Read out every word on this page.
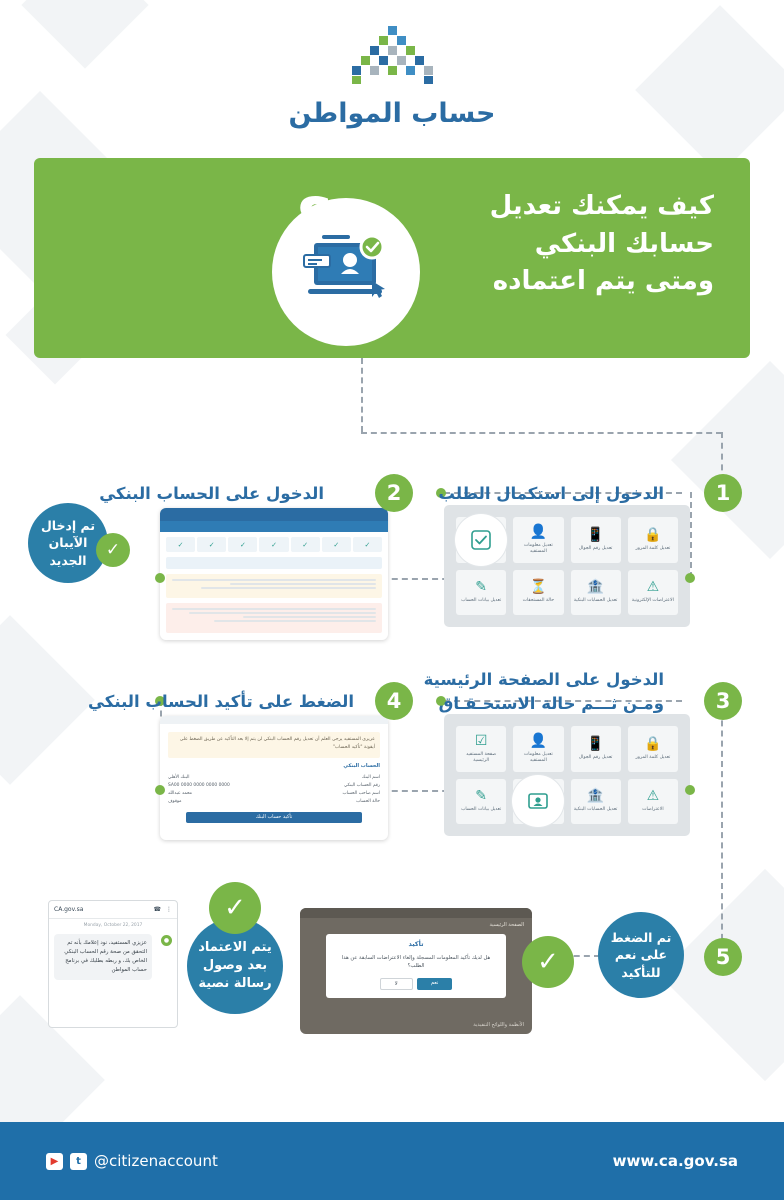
حساب المواطن
كيف يمكنك تعديل
حسابك البنكي
ومتى يتم اعتماده
1
الدخول إلى استكمال الطلب
🔒
تعديل كلمة المرور
📱
تعديل رقم الجوال
👤
تعديل معلومات المستفيد
⚠
الاعتراضات الإلكترونية
🏦
تعديل الحسابات البنكية
⏳
حالة المستحقات
✎
تعديل بيانات الحساب
2
الدخول على الحساب البنكي
✓
✓
✓
✓
✓
✓
✓
تم إدخال
الآيبان
الجديد
✓
3
الدخول على الصفحة الرئيسية
ومـن ثـــم حالة الاستحـقـاق
🔒
تعديل كلمة المرور
📱
تعديل رقم الجوال
👤
تعديل معلومات المستفيد
☑
صفحة المستفيد الرئيسية
⚠
الاعتراضات
🏦
تعديل الحسابات البنكية
✎
تعديل بيانات الحساب
4
الضغط على تأكيد الحساب البنكي
عزيزي المستفيد يرجى العلم أن تعديل رقم الحساب البنكي لن يتم إلا بعد التأكيد عن طريق الضغط على أيقونة "تأكيد الحساب"
الحساب البنكي
اسم البنك
البنك الأهلي
رقم الحساب البنكي
SA00 0000 0000 0000 0000
اسم صاحب الحساب
محمد عبدالله
حالة الحساب
موقوف
تأكيد حساب البنك
5
تم الضغط
على نعم
للتأكيد
الأنظمة واللوائح التنفيذية
الصفحة الرئيسية
تأكيد
هل لديك تأكيد المعلومات المسجلة وإلغاء الاعتراضات السابقة عن هذا الطلب؟
نعم
لا
✓
يتم الاعتماد
بعد وصول
رسالة نصية
✓
CA.gov.sa	☎ ⋮
Monday, October 22, 2017
●
عزيزي المستفيد، نود إعلامك بأنه تم التحقق من صحة رقم الحساب البنكي الخاص بك، و ربطه بطلبك في برنامج حساب المواطن
www.ca.gov.sa
@citizenaccount
t
▶
